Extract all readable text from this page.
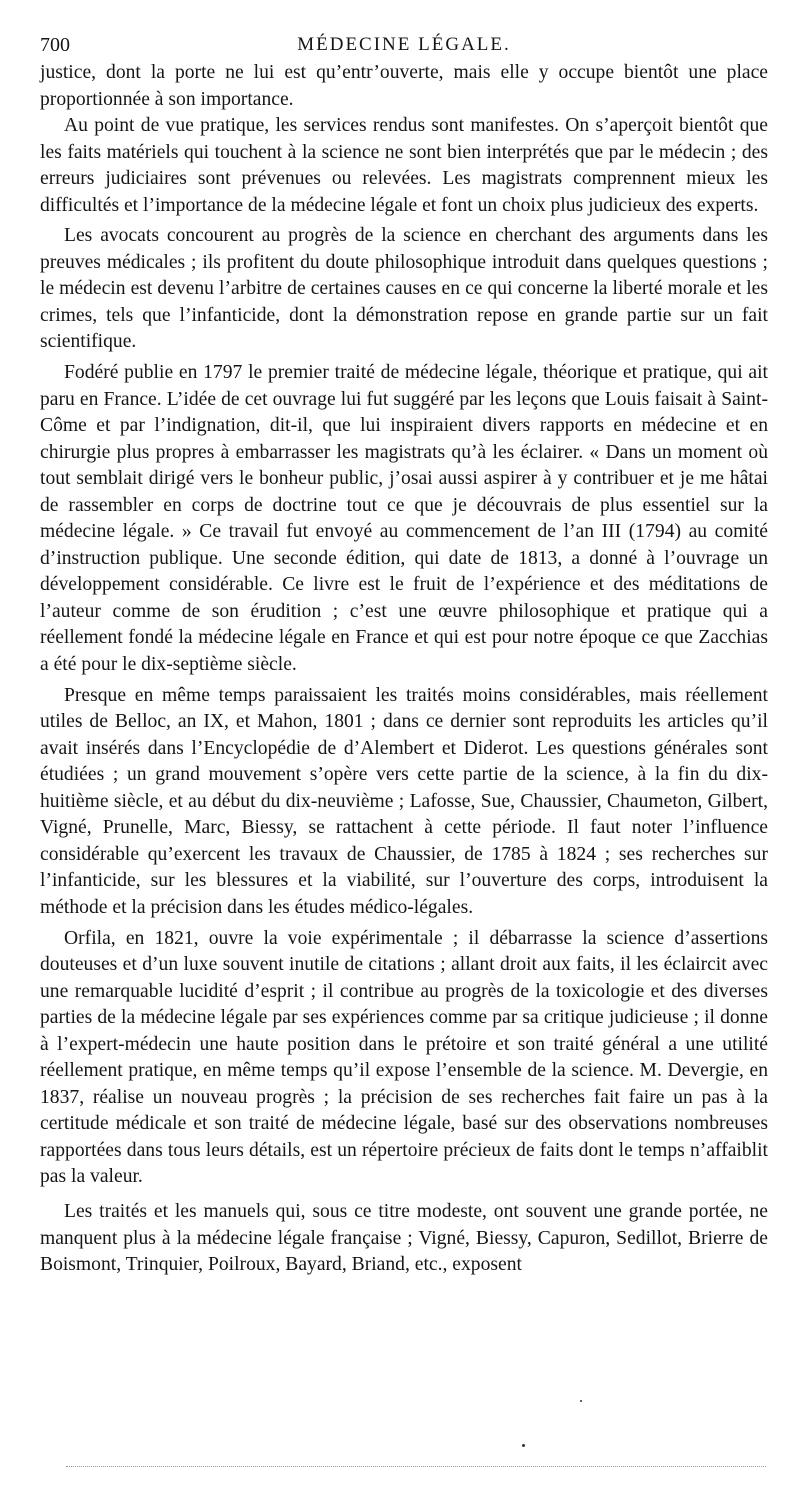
700	MÉDECINE LÉGALE.

justice, dont la porte ne lui est qu’entr’ouverte, mais elle y occupe bientôt une place proportionnée à son importance.

Au point de vue pratique, les services rendus sont manifestes. On s’aperçoit bientôt que les faits matériels qui touchent à la science ne sont bien interprétés que par le médecin ; des erreurs judiciaires sont prévenues ou relevées. Les magistrats comprennent mieux les difficultés et l’importance de la médecine légale et font un choix plus judicieux des experts.

Les avocats concourent au progrès de la science en cherchant des arguments dans les preuves médicales ; ils profitent du doute philosophique introduit dans quelques questions ; le médecin est devenu l’arbitre de certaines causes en ce qui concerne la liberté morale et les crimes, tels que l’infanticide, dont la démonstration repose en grande partie sur un fait scientifique.

Fodéré publie en 1797 le premier traité de médecine légale, théorique et pratique, qui ait paru en France. L’idée de cet ouvrage lui fut suggéré par les leçons que Louis faisait à Saint-Côme et par l’indignation, dit-il, que lui inspiraient divers rapports en médecine et en chirurgie plus propres à embarrasser les magistrats qu’à les éclairer. « Dans un moment où tout semblait dirigé vers le bonheur public, j’osai aussi aspirer à y contribuer et je me hâtai de rassembler en corps de doctrine tout ce que je découvrais de plus essentiel sur la médecine légale. » Ce travail fut envoyé au commencement de l’an III (1794) au comité d’instruction publique. Une seconde édition, qui date de 1813, a donné à l’ouvrage un développement considérable. Ce livre est le fruit de l’expérience et des méditations de l’auteur comme de son érudition ; c’est une œuvre philosophique et pratique qui a réellement fondé la médecine légale en France et qui est pour notre époque ce que Zacchias a été pour le dix-septième siècle.

Presque en même temps paraissaient les traités moins considérables, mais réellement utiles de Belloc, an IX, et Mahon, 1801 ; dans ce dernier sont reproduits les articles qu’il avait insérés dans l’Encyclopédie de d’Alembert et Diderot. Les questions générales sont étudiées ; un grand mouvement s’opère vers cette partie de la science, à la fin du dix-huitième siècle, et au début du dix-neuvième ; Lafosse, Sue, Chaussier, Chaumeton, Gilbert, Vigné, Prunelle, Marc, Biessy, se rattachent à cette période. Il faut noter l’influence considérable qu’exercent les travaux de Chaussier, de 1785 à 1824 ; ses recherches sur l’infanticide, sur les blessures et la viabilité, sur l’ouverture des corps, introduisent la méthode et la précision dans les études médico-légales.

Orfila, en 1821, ouvre la voie expérimentale ; il débarrasse la science d’assertions douteuses et d’un luxe souvent inutile de citations ; allant droit aux faits, il les éclaircit avec une remarquable lucidité d’esprit ; il contribue au progrès de la toxicologie et des diverses parties de la médecine légale par ses expériences comme par sa critique judicieuse ; il donne à l’expert-médecin une haute position dans le prétoire et son traité général a une utilité réellement pratique, en même temps qu’il expose l’ensemble de la science. M. Devergie, en 1837, réalise un nouveau progrès ; la précision de ses recherches fait faire un pas à la certitude médicale et son traité de médecine légale, basé sur des observations nombreuses rapportées dans tous leurs détails, est un répertoire précieux de faits dont le temps n’affaiblit pas la valeur.

Les traités et les manuels qui, sous ce titre modeste, ont souvent une grande portée, ne manquent plus à la médecine légale française ; Vigné, Biessy, Capuron, Sedillot, Brierre de Boismont, Trinquier, Poilroux, Bayard, Briand, etc., exposent
